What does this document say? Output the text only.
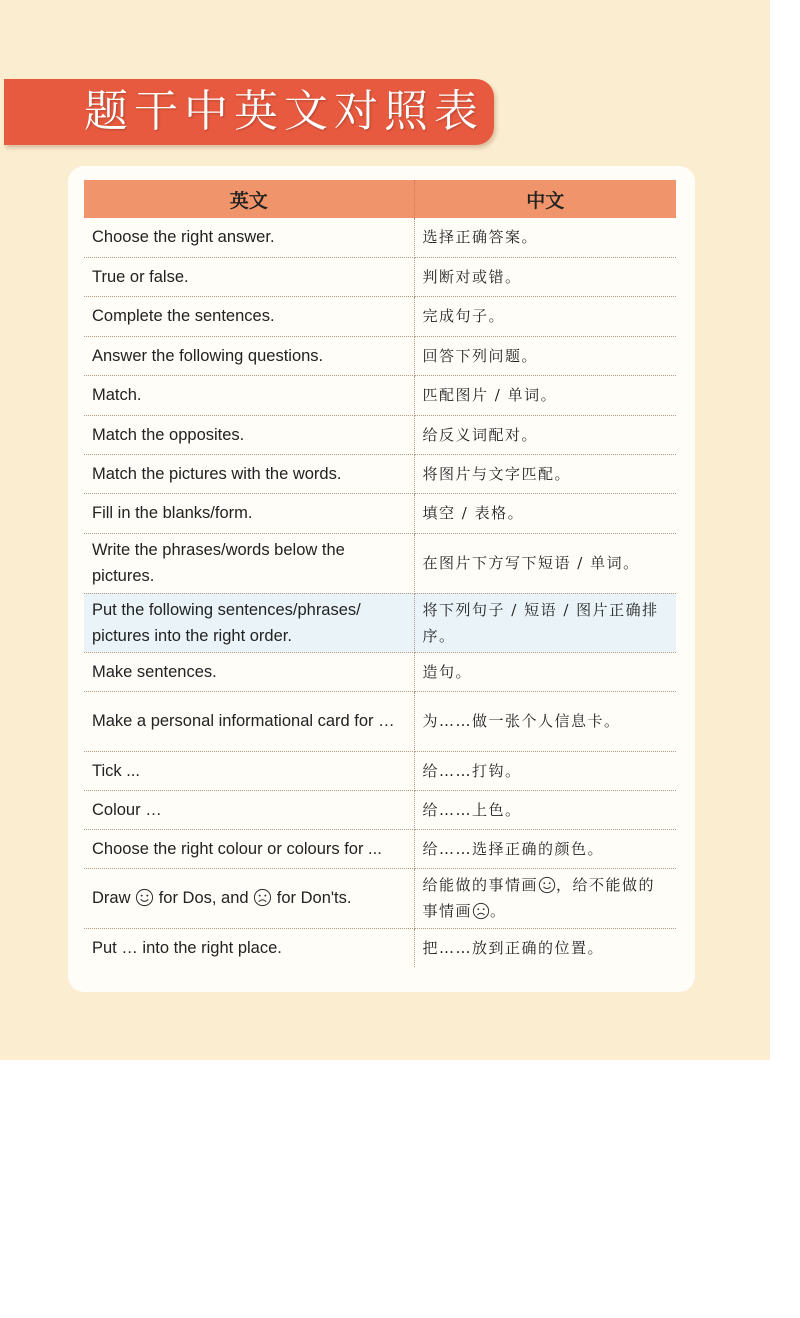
题干中英文对照表
英文	中文
Choose the right answer.	选择正确答案。
True or false.	判断对或错。
Complete the sentences.	完成句子。
Answer the following questions.	回答下列问题。
Match.	匹配图片 / 单词。
Match the opposites.	给反义词配对。
Match the pictures with the words.	将图片与文字匹配。
Fill in the blanks/form.	填空 / 表格。
Write the phrases/words below the pictures.	在图片下方写下短语 / 单词。
Put the following sentences/phrases/ pictures into the right order.	将下列句子 / 短语 / 图片正确排序。
Make sentences.	造句。
Make a personal informational card for …	为……做一张个人信息卡。
Tick ...	给……打钩。
Colour …	给……上色。
Choose the right colour or colours for ...	给……选择正确的颜色。
Draw for Dos, and for Don'ts.	给能做的事情画 ，给不能做的事情画 。
Put … into the right place.	把……放到正确的位置。
